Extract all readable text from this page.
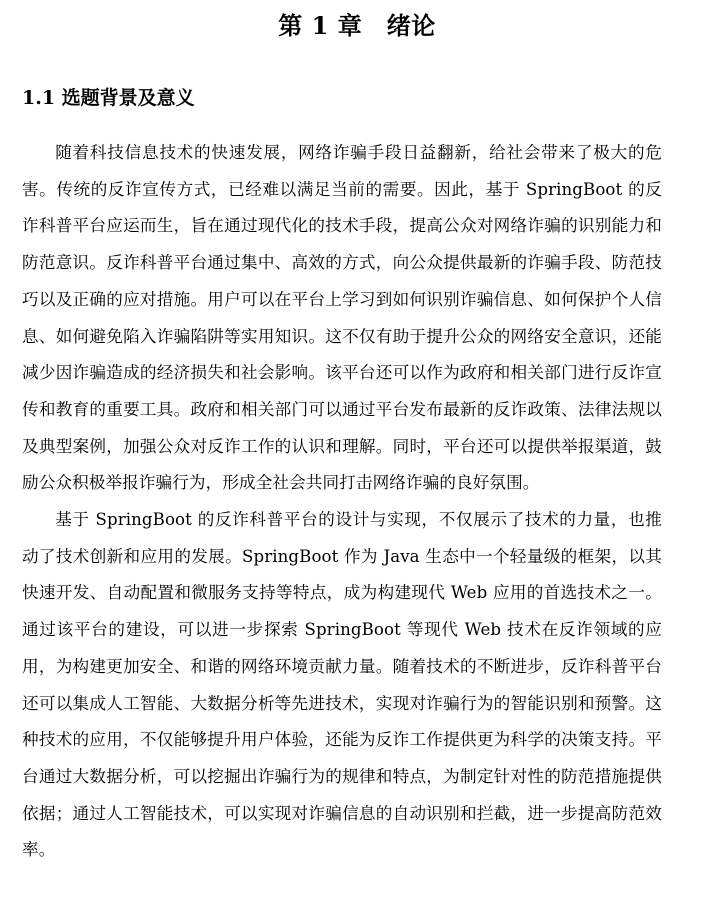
第 1 章　绪论
1.1 选题背景及意义

随着科技信息技术的快速发展，网络诈骗手段日益翻新，给社会带来了极大的危害。传统的反诈宣传方式，已经难以满足当前的需要。因此，基于 SpringBoot 的反诈科普平台应运而生，旨在通过现代化的技术手段，提高公众对网络诈骗的识别能力和防范意识。反诈科普平台通过集中、高效的方式，向公众提供最新的诈骗手段、防范技巧以及正确的应对措施。用户可以在平台上学习到如何识别诈骗信息、如何保护个人信息、如何避免陷入诈骗陷阱等实用知识。这不仅有助于提升公众的网络安全意识，还能减少因诈骗造成的经济损失和社会影响。该平台还可以作为政府和相关部门进行反诈宣传和教育的重要工具。政府和相关部门可以通过平台发布最新的反诈政策、法律法规以及典型案例，加强公众对反诈工作的认识和理解。同时，平台还可以提供举报渠道，鼓励公众积极举报诈骗行为，形成全社会共同打击网络诈骗的良好氛围。

基于 SpringBoot 的反诈科普平台的设计与实现，不仅展示了技术的力量，也推动了技术创新和应用的发展。SpringBoot 作为 Java 生态中一个轻量级的框架，以其快速开发、自动配置和微服务支持等特点，成为构建现代 Web 应用的首选技术之一。通过该平台的建设，可以进一步探索 SpringBoot 等现代 Web 技术在反诈领域的应用，为构建更加安全、和谐的网络环境贡献力量。随着技术的不断进步，反诈科普平台还可以集成人工智能、大数据分析等先进技术，实现对诈骗行为的智能识别和预警。这种技术的应用，不仅能够提升用户体验，还能为反诈工作提供更为科学的决策支持。平台通过大数据分析，可以挖掘出诈骗行为的规律和特点，为制定针对性的防范措施提供依据；通过人工智能技术，可以实现对诈骗信息的自动识别和拦截，进一步提高防范效率。
